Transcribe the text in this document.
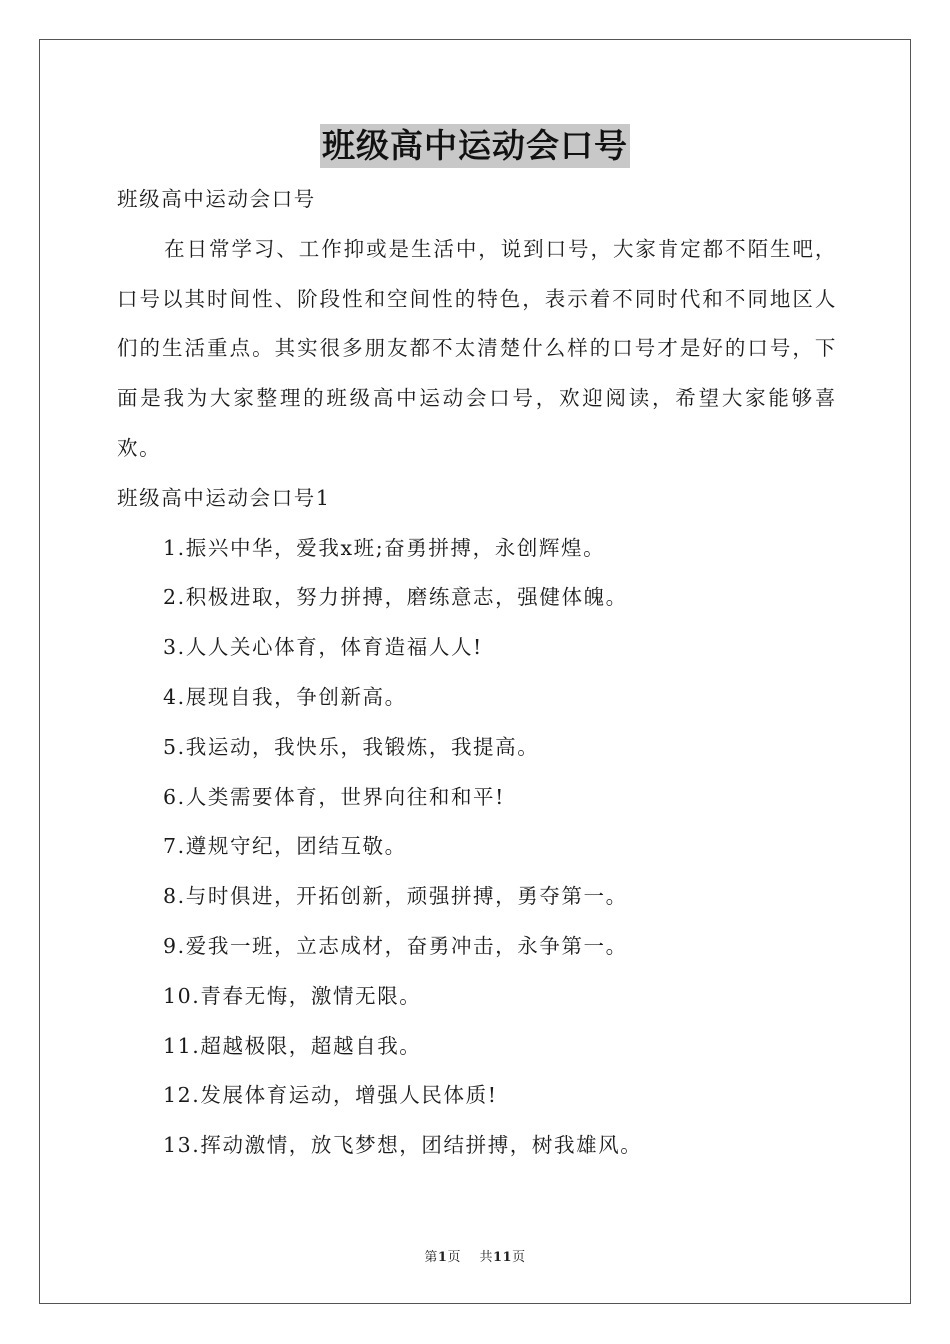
班级高中运动会口号

班级高中运动会口号

在日常学习、工作抑或是生活中，说到口号，大家肯定都不陌生吧，口号以其时间性、阶段性和空间性的特色，表示着不同时代和不同地区人们的生活重点。其实很多朋友都不太清楚什么样的口号才是好的口号，下面是我为大家整理的班级高中运动会口号，欢迎阅读，希望大家能够喜欢。

班级高中运动会口号1

1.振兴中华，爱我x班;奋勇拼搏，永创辉煌。

2.积极进取，努力拼搏，磨练意志，强健体魄。

3.人人关心体育，体育造福人人!

4.展现自我，争创新高。

5.我运动，我快乐，我锻炼，我提高。

6.人类需要体育，世界向往和和平!

7.遵规守纪，团结互敬。

8.与时俱进，开拓创新，顽强拼搏，勇夺第一。

9.爱我一班，立志成材，奋勇冲击，永争第一。

10.青春无悔，激情无限。

11.超越极限，超越自我。

12.发展体育运动，增强人民体质!

13.挥动激情，放飞梦想，团结拼搏，树我雄风。

第1页 共11页
